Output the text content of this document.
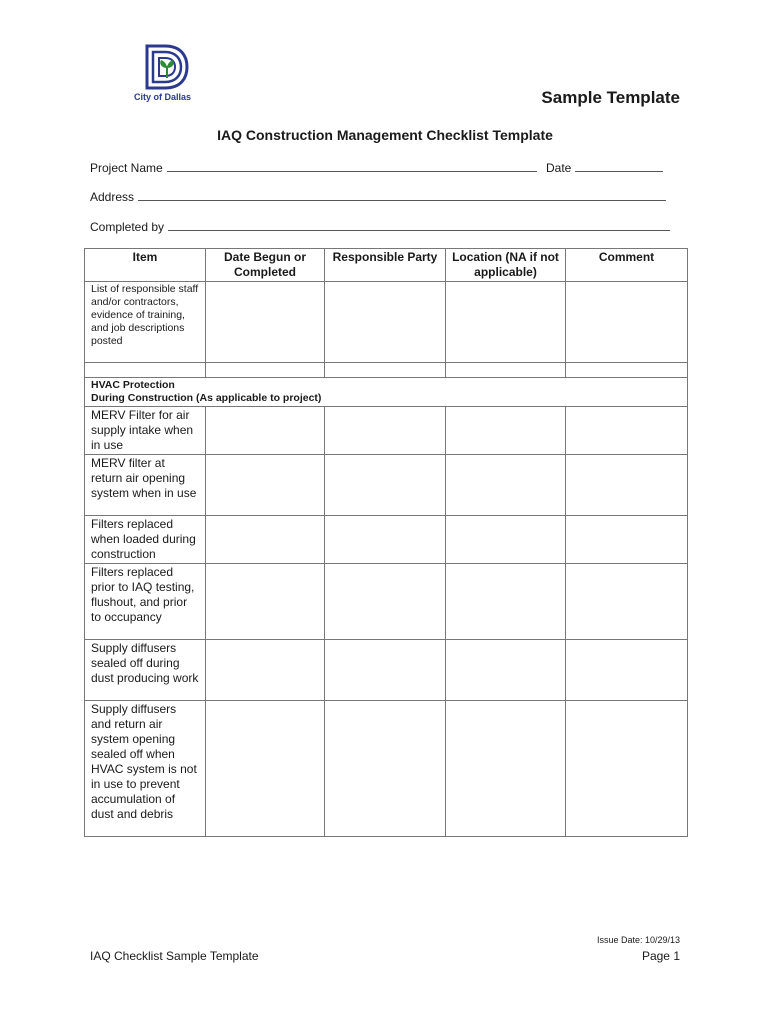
City of Dallas	Sample Template
IAQ Construction Management Checklist Template
Project Name	Date
Address
Completed by
Item	Date Begun or Completed	Responsible Party	Location (NA if not applicable)	Comment
List of responsible staff and/or contractors, evidence of training, and job descriptions posted				

HVAC Protection
During Construction (As applicable to project)				

MERV Filter for air supply intake when in use				
MERV filter at return air opening system when in use				
Filters replaced when loaded during construction				
Filters replaced prior to IAQ testing, flushout, and prior to occupancy				
Supply diffusers sealed off during dust producing work				
Supply diffusers and return air system opening sealed off when HVAC system is not in use to prevent accumulation of dust and debris				
IAQ Checklist Sample Template
Issue Date: 10/29/13
Page 1
